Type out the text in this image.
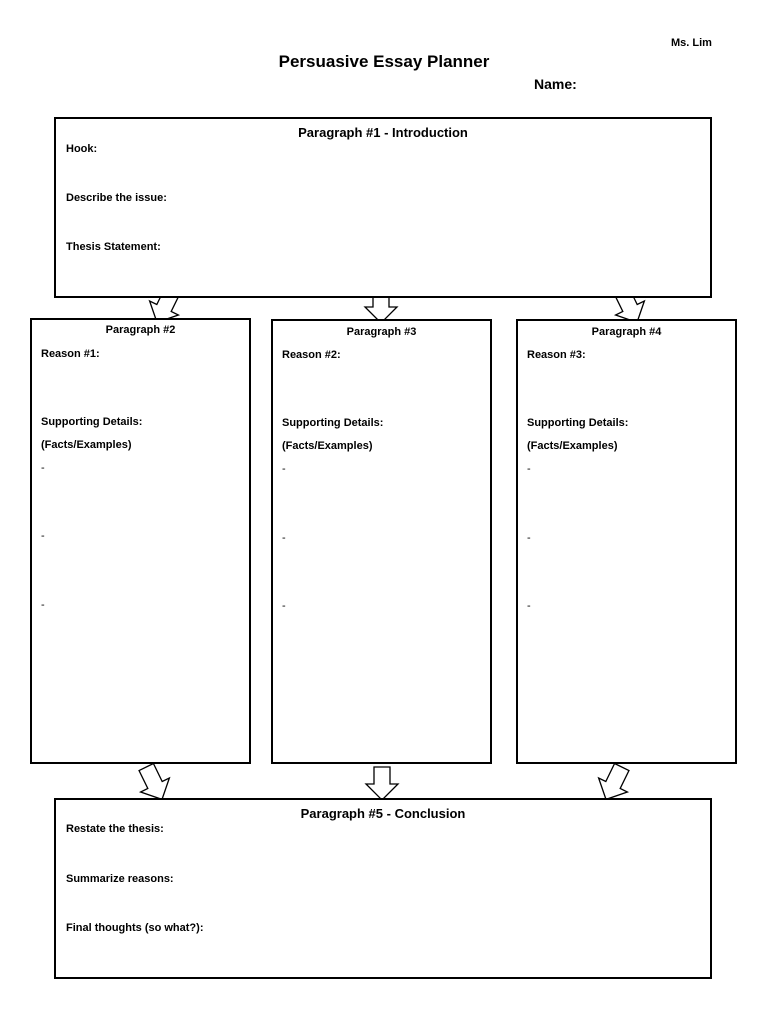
Ms. Lim
Persuasive Essay Planner
Name:
Paragraph #1 - Introduction
Hook:
Describe the issue:
Thesis Statement:
Paragraph #2
Reason #1:
Supporting Details:
(Facts/Examples)
-
-
-
Paragraph #3
Reason #2:
Supporting Details:
(Facts/Examples)
-
-
-
Paragraph #4
Reason #3:
Supporting Details:
(Facts/Examples)
-
-
-
Paragraph #5 - Conclusion
Restate the thesis:
Summarize reasons:
Final thoughts (so what?):
